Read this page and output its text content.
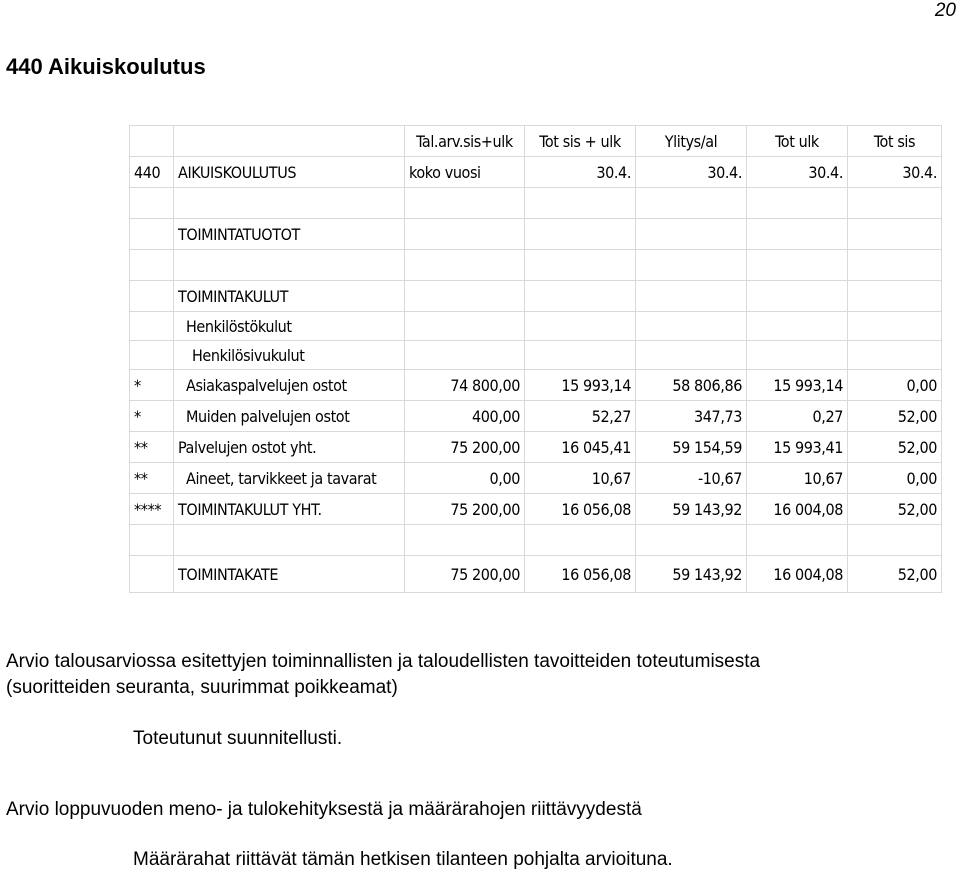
20
440 Aikuiskoulutus
		Tal.arv.sis+ulk	Tot sis + ulk	Ylitys/al	Tot ulk	Tot sis
440	AIKUISKOULUTUS	koko vuosi	30.4.	30.4.	30.4.	30.4.

	TOIMINTATUOTOT					

	TOIMINTAKULUT					
	Henkilöstökulut					
	Henkilösivukulut					
*	Asiakaspalvelujen ostot	74 800,00	15 993,14	58 806,86	15 993,14	0,00
*	Muiden palvelujen ostot	400,00	52,27	347,73	0,27	52,00
**	Palvelujen ostot yht.	75 200,00	16 045,41	59 154,59	15 993,41	52,00
**	Aineet, tarvikkeet ja tavarat	0,00	10,67	-10,67	10,67	0,00
****	TOIMINTAKULUT YHT.	75 200,00	16 056,08	59 143,92	16 004,08	52,00

	TOIMINTAKATE	75 200,00	16 056,08	59 143,92	16 004,08	52,00

Arvio talousarviossa esitettyjen toiminnallisten ja taloudellisten tavoitteiden toteutumisesta

(suoritteiden seuranta, suurimmat poikkeamat)

Toteutunut suunnitellusti.

Arvio loppuvuoden meno- ja tulokehityksestä ja määrärahojen riittävyydestä

Määrärahat riittävät tämän hetkisen tilanteen pohjalta arvioituna.
